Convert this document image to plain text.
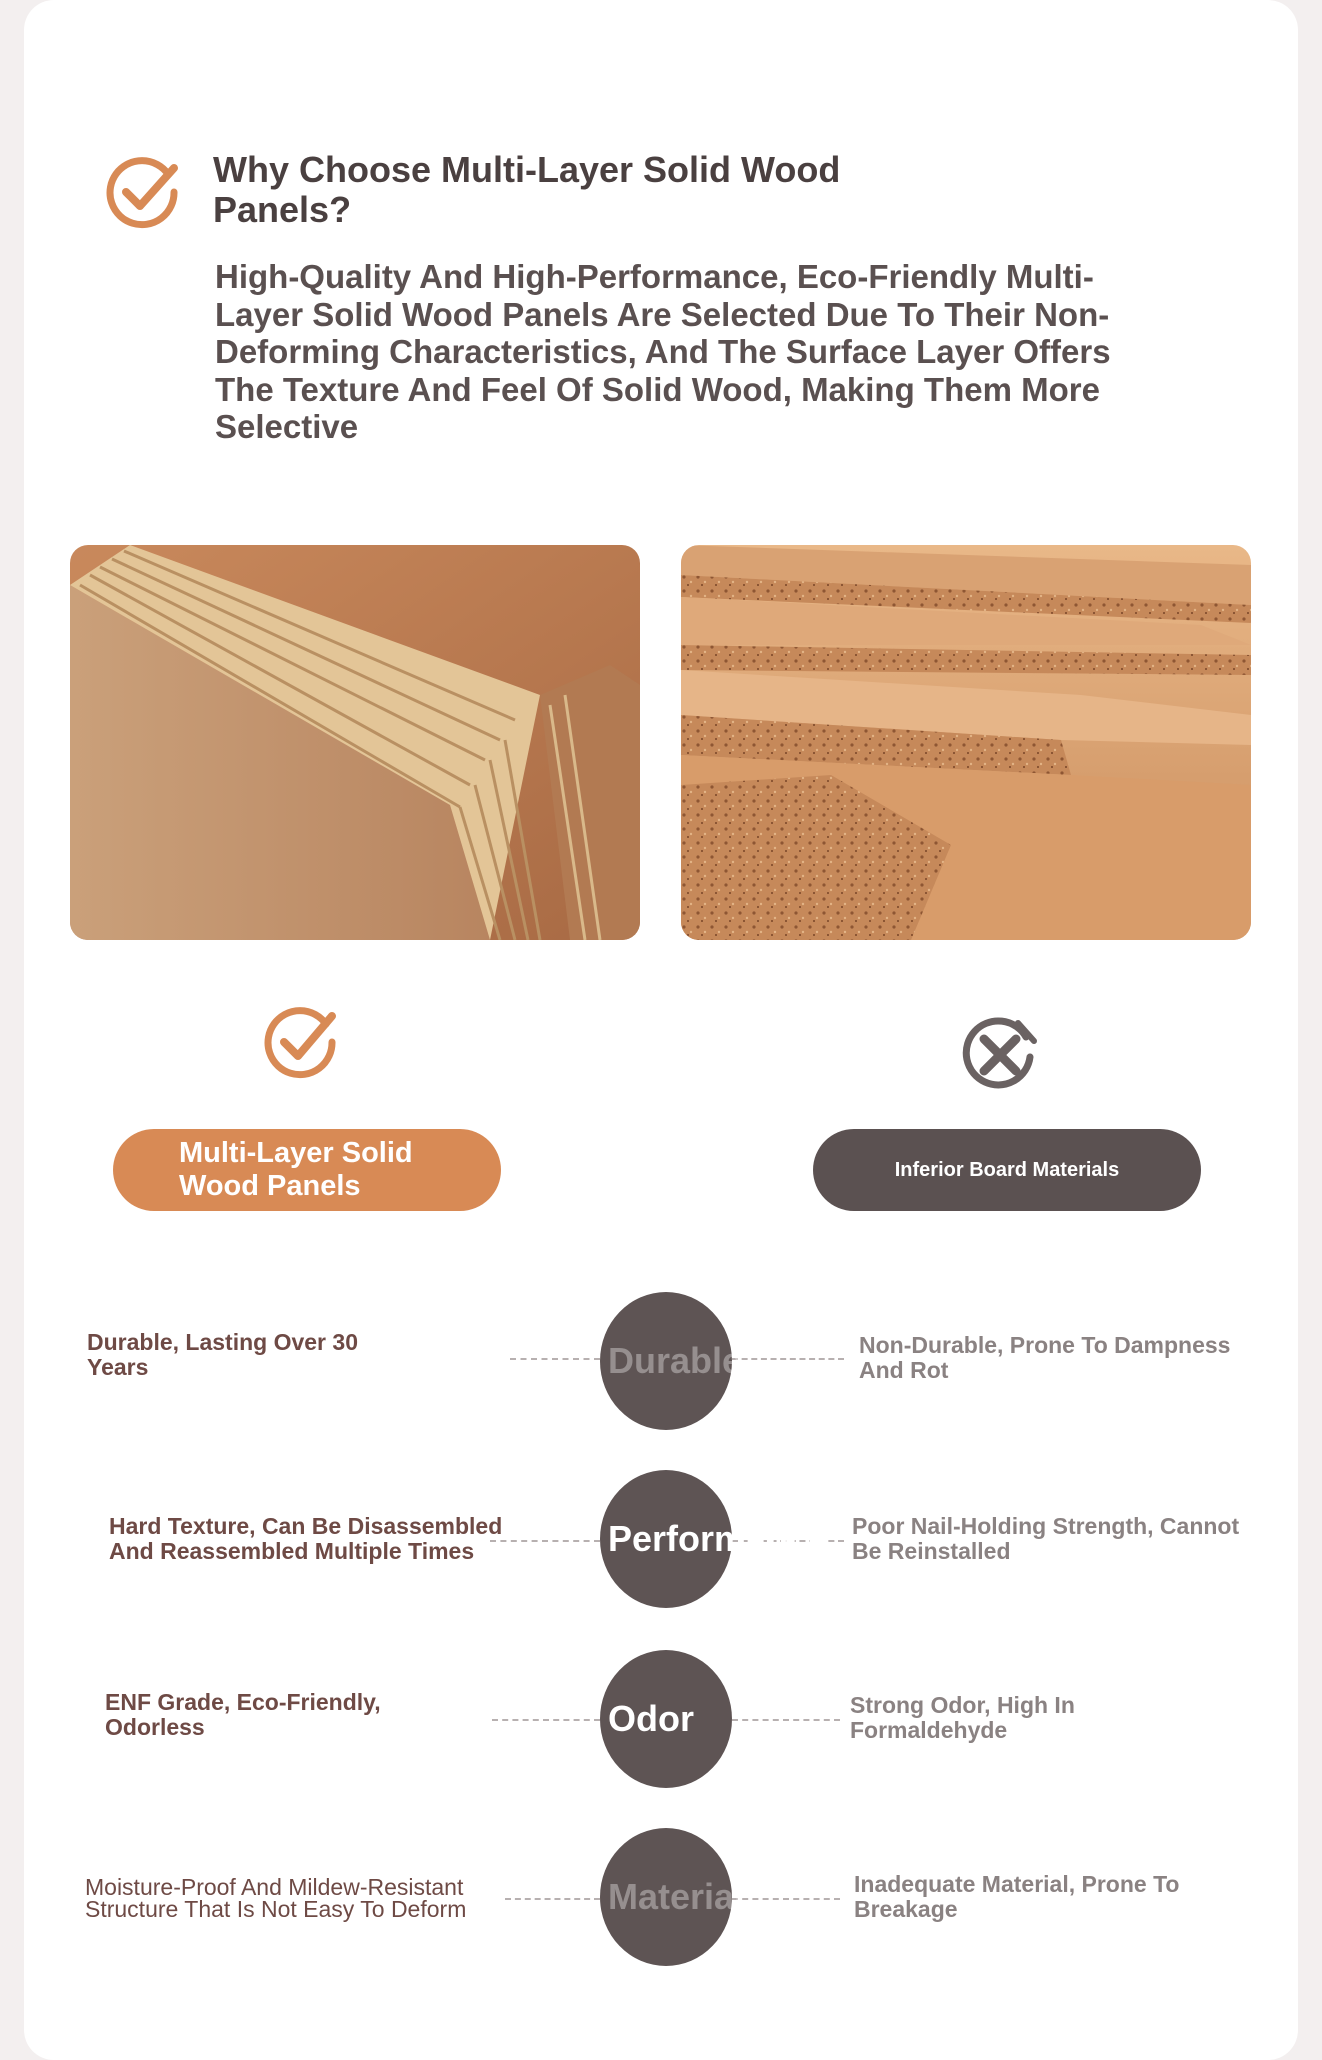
Why Choose Multi-Layer Solid Wood Panels?

High-Quality And High-Performance, Eco-Friendly Multi-Layer Solid Wood Panels Are Selected Due To Their Non-Deforming Characteristics, And The Surface Layer Offers The Texture And Feel Of Solid Wood, Making Them More Selective

Multi-Layer Solid Wood Panels
Inferior Board Materials
Durable

Durable, Lasting Over 30 Years

Non-Durable, Prone To Dampness And Rot

Performance

Hard Texture, Can Be Disassembled And Reassembled Multiple Times

Poor Nail-Holding Strength, Cannot Be Reinstalled

Odor

ENF Grade, Eco-Friendly, Odorless

Strong Odor, High In Formaldehyde

Material

Moisture-Proof And Mildew-Resistant Structure That Is Not Easy To Deform

Inadequate Material, Prone To Breakage
